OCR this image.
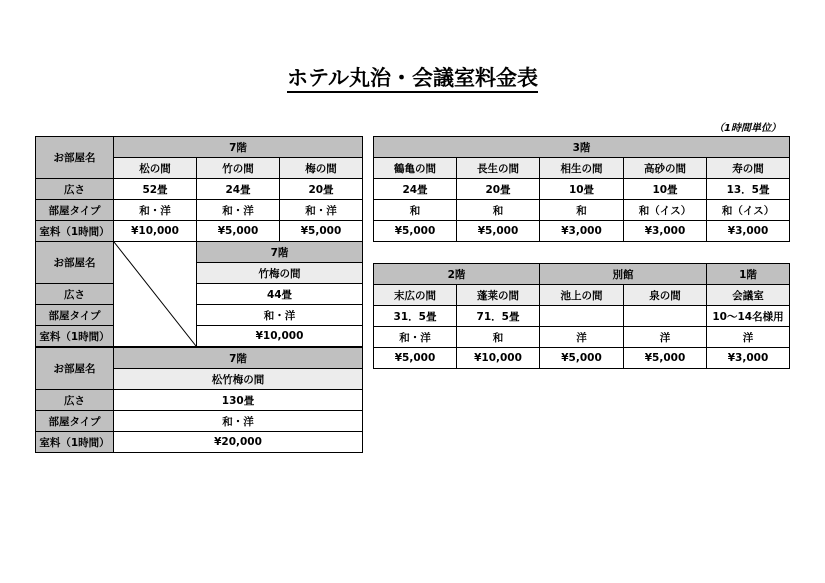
ホテル丸治・会議室料金表
（1時間単位）
お部屋名	7階		
	松の間	竹の間	梅の間
広さ	52畳	24畳	20畳
部屋タイプ	和・洋	和・洋	和・洋
室料（1時間）	¥10,000	¥5,000	¥5,000
お部屋名		7階
		竹梅の間
広さ		44畳
部屋タイプ		和・洋
室料（1時間）		¥10,000
お部屋名	7階
	松竹梅の間
広さ	130畳
部屋タイプ	和・洋
室料（1時間）	¥20,000
3階				
鶴亀の間	長生の間	相生の間	高砂の間	寿の間
24畳	20畳	10畳	10畳	13．5畳
和	和	和	和（イス）	和（イス）
¥5,000	¥5,000	¥3,000	¥3,000	¥3,000
2階		別館		1階
末広の間	蓬莱の間	池上の間	泉の間	会議室
31．5畳	71．5畳			10〜14名様用
和・洋	和	洋	洋	洋
¥5,000	¥10,000	¥5,000	¥5,000	¥3,000
